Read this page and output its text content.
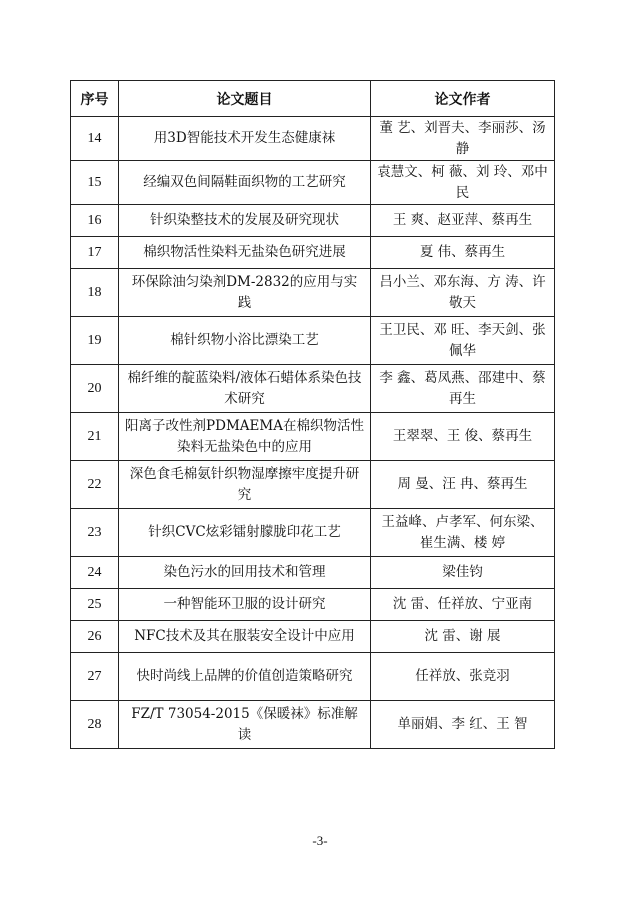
序号	论文题目	论文作者
14	用3D智能技术开发生态健康袜	董 艺、刘晋夫、李丽莎、汤 静
15	经编双色间隔鞋面织物的工艺研究	袁慧文、柯 薇、刘 玲、邓中民
16	针织染整技术的发展及研究现状	王 爽、赵亚萍、蔡再生
17	棉织物活性染料无盐染色研究进展	夏 伟、蔡再生
18	环保除油匀染剂DM-2832的应用与实践	吕小兰、邓东海、方 涛、许敬天
19	棉针织物小浴比漂染工艺	王卫民、邓 旺、李天剑、张佩华
20	棉纤维的靛蓝染料/液体石蜡体系染色技术研究	李 鑫、葛凤燕、邵建中、蔡再生
21	阳离子改性剂PDMAEMA在棉织物活性染料无盐染色中的应用	王翠翠、王 俊、蔡再生
22	深色食毛棉氨针织物湿摩擦牢度提升研究	周 曼、汪 冉、蔡再生
23	针织CVC炫彩镭射朦胧印花工艺	王益峰、卢孝军、何东梁、崔生满、楼 婷
24	染色污水的回用技术和管理	梁佳钧
25	一种智能环卫服的设计研究	沈 雷、任祥放、宁亚南
26	NFC技术及其在服装安全设计中应用	沈 雷、谢 展
27	快时尚线上品牌的价值创造策略研究	任祥放、张竞羽
28	FZ/T 73054-2015《保暖袜》标准解读	单丽娟、李 红、王 智
-3-
